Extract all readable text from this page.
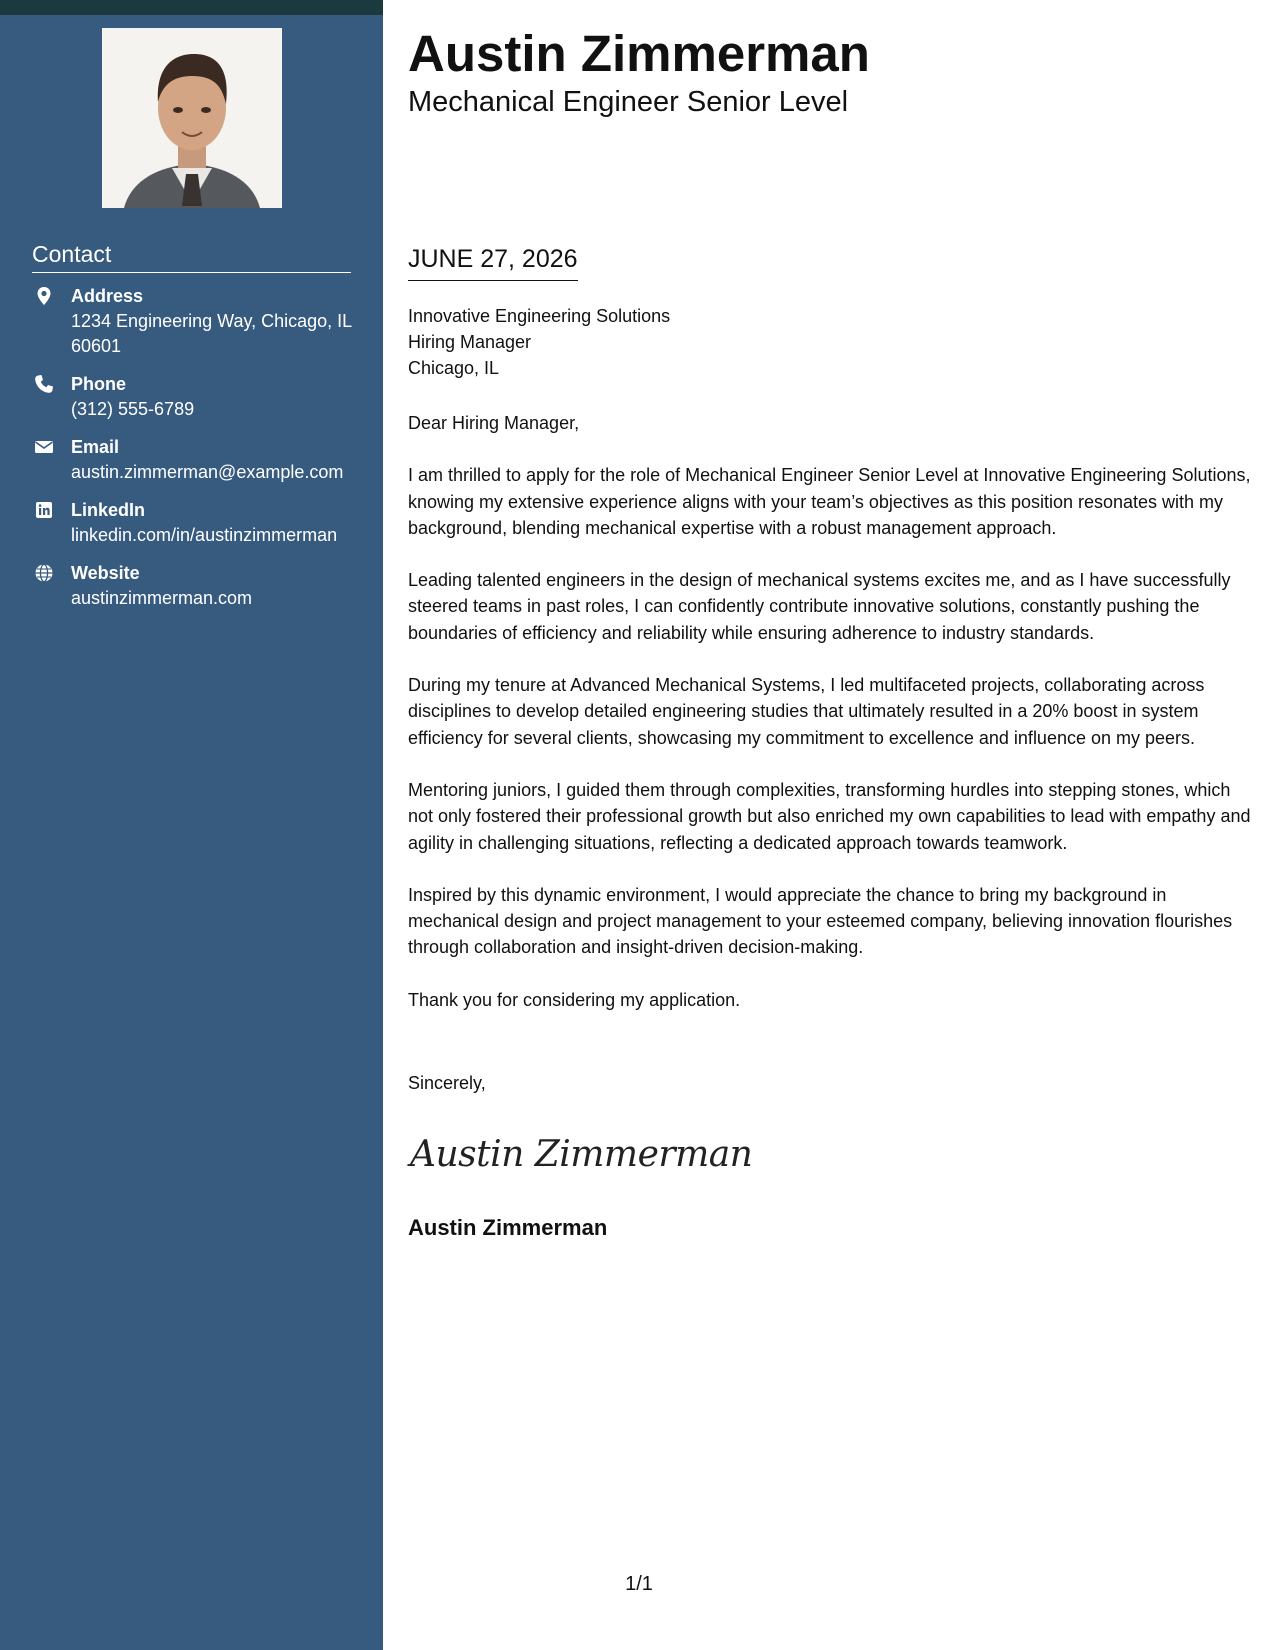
Contact
Address
1234 Engineering Way, Chicago, IL 60601
Phone
(312) 555-6789
Email
austin.zimmerman@example.com
LinkedIn
linkedin.com/in/austinzimmerman
Website
austinzimmerman.com
Austin Zimmerman
Mechanical Engineer Senior Level
JUNE 27, 2026
Innovative Engineering Solutions
Hiring Manager
Chicago, IL

Dear Hiring Manager,

I am thrilled to apply for the role of Mechanical Engineer Senior Level at Innovative Engineering Solutions, knowing my extensive experience aligns with your team’s objectives as this position resonates with my background, blending mechanical expertise with a robust management approach.

Leading talented engineers in the design of mechanical systems excites me, and as I have successfully steered teams in past roles, I can confidently contribute innovative solutions, constantly pushing the boundaries of efficiency and reliability while ensuring adherence to industry standards.

During my tenure at Advanced Mechanical Systems, I led multifaceted projects, collaborating across disciplines to develop detailed engineering studies that ultimately resulted in a 20% boost in system efficiency for several clients, showcasing my commitment to excellence and influence on my peers.

Mentoring juniors, I guided them through complexities, transforming hurdles into stepping stones, which not only fostered their professional growth but also enriched my own capabilities to lead with empathy and agility in challenging situations, reflecting a dedicated approach towards teamwork.

Inspired by this dynamic environment, I would appreciate the chance to bring my background in mechanical design and project management to your esteemed company, believing innovation flourishes through collaboration and insight-driven decision-making.

Thank you for considering my application.

Sincerely,
Austin Zimmerman
Austin Zimmerman
1/1
